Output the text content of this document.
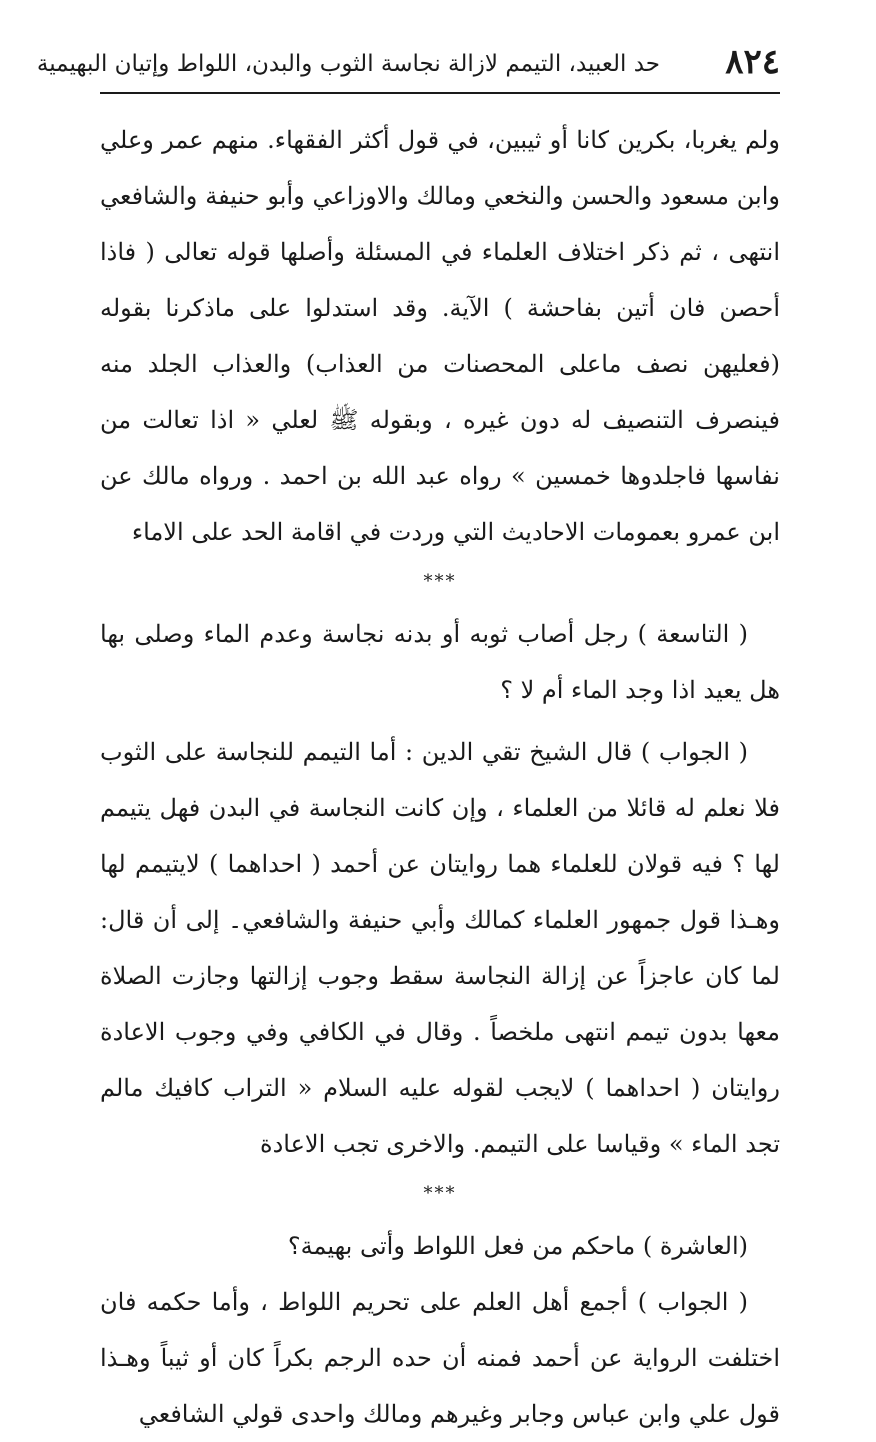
٨٢٤
حد العبيد، التيمم لازالة نجاسة الثوب والبدن، اللواط وإتيان البهيمية

ولم يغربا، بكرين كانا أو ثيبين، في قول أكثر الفقهاء. منهم عمر وعلي وابن مسعود والحسن والنخعي ومالك والاوزاعي وأبو حنيفة والشافعي انتهى ، ثم ذكر اختلاف العلماء في المسئلة وأصلها قوله تعالى ( فاذا أحصن فان أتين بفاحشة ) الآية. وقد استدلوا على ماذكرنا بقوله (فعليهن نصف ماعلى المحصنات من العذاب) والعذاب الجلد منه فينصرف التنصيف له دون غيره ، وبقوله ﷺ لعلي « اذا تعالت من نفاسها فاجلدوها خمسين » رواه عبد الله بن احمد . ورواه مالك عن ابن عمرو بعمومات الاحاديث التي وردت في اقامة الحد على الاماء

***

( التاسعة ) رجل أصاب ثوبه أو بدنه نجاسة وعدم الماء وصلى بها هل يعيد اذا وجد الماء أم لا ؟

( الجواب ) قال الشيخ تقي الدين : أما التيمم للنجاسة على الثوب فلا نعلم له قائلا من العلماء ، وإن كانت النجاسة في البدن فهل يتيمم لها ؟ فيه قولان للعلماء هما روايتان عن أحمد ( احداهما ) لايتيمم لها وهـذا قول جمهور العلماء كمالك وأبي حنيفة والشافعي۔ إلى أن قال: لما كان عاجزاً عن إزالة النجاسة سقط وجوب إزالتها وجازت الصلاة معها بدون تيمم انتهى ملخصاً . وقال في الكافي وفي وجوب الاعادة روايتان ( احداهما ) لايجب لقوله عليه السلام « التراب كافيك مالم تجد الماء » وقياسا على التيمم. والاخرى تجب الاعادة

***

(العاشرة ) ماحكم من فعل اللواط وأتى بهيمة؟

( الجواب ) أجمع أهل العلم على تحريم اللواط ، وأما حكمه فان اختلفت الرواية عن أحمد فمنه أن حده الرجم بكراً كان أو ثيباً وهـذا قول علي وابن عباس وجابر وغيرهم ومالك واحدى قولي الشافعي
